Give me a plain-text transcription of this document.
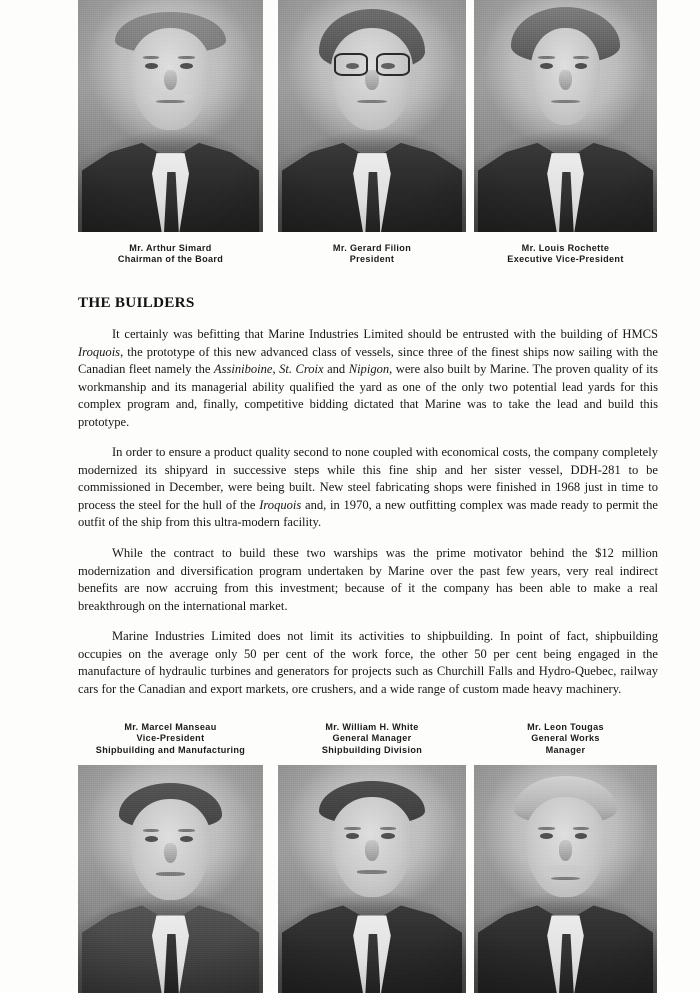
Mr. Arthur Simard
Chairman of the Board
Mr. Gerard Filion
President
Mr. Louis Rochette
Executive Vice-President
THE BUILDERS

It certainly was befitting that Marine Industries Limited should be entrusted with the building of HMCS Iroquois, the prototype of this new advanced class of vessels, since three of the finest ships now sailing with the Canadian fleet namely the Assiniboine, St. Croix and Nipigon, were also built by Marine. The proven quality of its workmanship and its managerial ability qualified the yard as one of the only two potential lead yards for this complex program and, finally, competitive bidding dictated that Marine was to take the lead and build this prototype.

In order to ensure a product quality second to none coupled with economical costs, the company completely modernized its shipyard in successive steps while this fine ship and her sister vessel, DDH-281 to be commissioned in December, were being built. New steel fabricating shops were finished in 1968 just in time to process the steel for the hull of the Iroquois and, in 1970, a new outfitting complex was made ready to permit the outfit of the ship from this ultra-modern facility.

While the contract to build these two warships was the prime motivator behind the $12 million modernization and diversification program undertaken by Marine over the past few years, very real indirect benefits are now accruing from this investment; because of it the company has been able to make a real breakthrough on the international market.

Marine Industries Limited does not limit its activities to shipbuilding. In point of fact, shipbuilding occupies on the average only 50 per cent of the work force, the other 50 per cent being engaged in the manufacture of hydraulic turbines and generators for projects such as Churchill Falls and Hydro-Quebec, railway cars for the Canadian and export markets, ore crushers, and a wide range of custom made heavy machinery.

Mr. Marcel Manseau
Vice-President
Shipbuilding and Manufacturing
Mr. William H. White
General Manager
Shipbuilding Division
Mr. Leon Tougas
General Works
Manager
